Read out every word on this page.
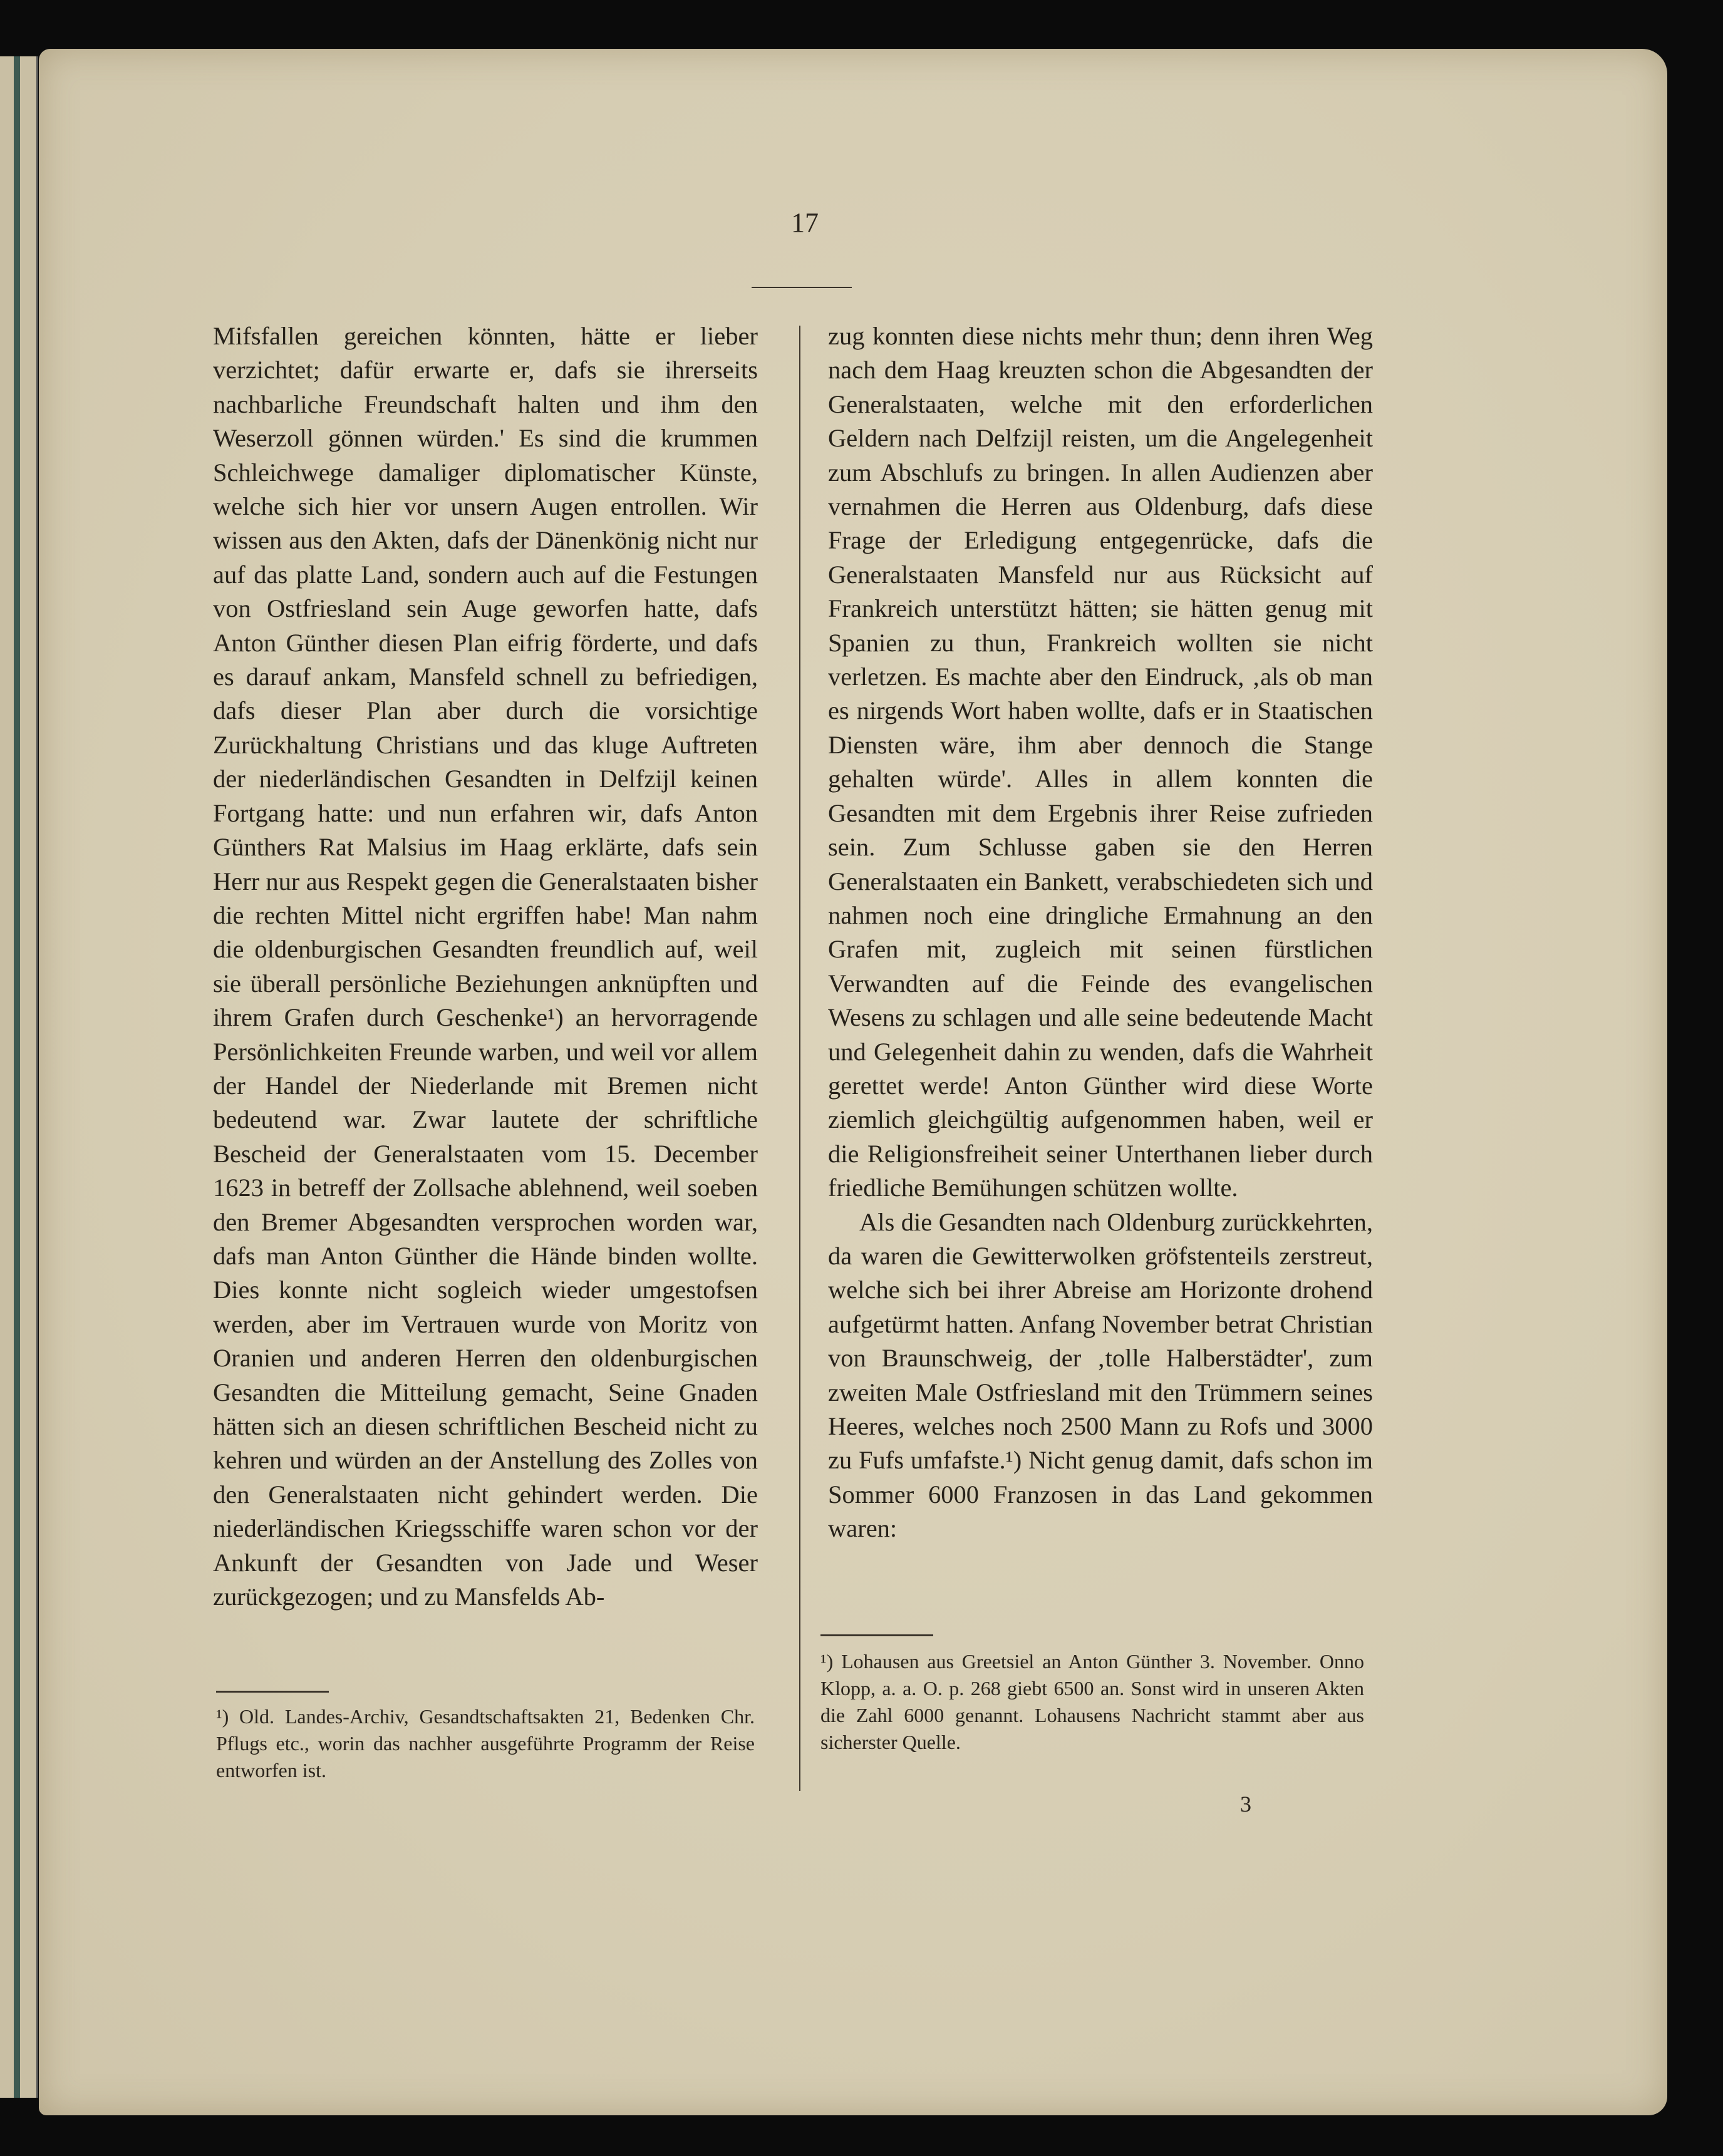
17

Mifsfallen gereichen könnten, hätte er lieber verzichtet; dafür erwarte er, dafs sie ihrerseits nachbarliche Freundschaft halten und ihm den Weserzoll gönnen würden.' Es sind die krummen Schleichwege damaliger diplomatischer Künste, welche sich hier vor unsern Augen entrollen. Wir wissen aus den Akten, dafs der Dänenkönig nicht nur auf das platte Land, sondern auch auf die Festungen von Ostfriesland sein Auge geworfen hatte, dafs Anton Günther diesen Plan eifrig förderte, und dafs es darauf ankam, Mansfeld schnell zu befriedigen, dafs dieser Plan aber durch die vorsichtige Zurückhaltung Christians und das kluge Auftreten der niederländischen Gesandten in Delfzijl keinen Fortgang hatte: und nun erfahren wir, dafs Anton Günthers Rat Malsius im Haag erklärte, dafs sein Herr nur aus Respekt gegen die Generalstaaten bisher die rechten Mittel nicht ergriffen habe! Man nahm die oldenburgischen Gesandten freundlich auf, weil sie überall persönliche Beziehungen anknüpften und ihrem Grafen durch Geschenke¹) an hervorragende Persönlichkeiten Freunde warben, und weil vor allem der Handel der Niederlande mit Bremen nicht bedeutend war. Zwar lautete der schriftliche Bescheid der Generalstaaten vom 15. December 1623 in betreff der Zollsache ablehnend, weil soeben den Bremer Abgesandten versprochen worden war, dafs man Anton Günther die Hände binden wollte. Dies konnte nicht sogleich wieder umgestofsen werden, aber im Vertrauen wurde von Moritz von Oranien und anderen Herren den oldenburgischen Gesandten die Mitteilung gemacht, Seine Gnaden hätten sich an diesen schriftlichen Bescheid nicht zu kehren und würden an der Anstellung des Zolles von den Generalstaaten nicht gehindert werden. Die niederländischen Kriegsschiffe waren schon vor der Ankunft der Gesandten von Jade und Weser zurückgezogen; und zu Mansfelds Ab-

zug konnten diese nichts mehr thun; denn ihren Weg nach dem Haag kreuzten schon die Abgesandten der Generalstaaten, welche mit den erforderlichen Geldern nach Delfzijl reisten, um die Angelegenheit zum Abschlufs zu bringen. In allen Audienzen aber vernahmen die Herren aus Oldenburg, dafs diese Frage der Erledigung entgegenrücke, dafs die Generalstaaten Mansfeld nur aus Rücksicht auf Frankreich unterstützt hätten; sie hätten genug mit Spanien zu thun, Frankreich wollten sie nicht verletzen. Es machte aber den Eindruck, ‚als ob man es nirgends Wort haben wollte, dafs er in Staatischen Diensten wäre, ihm aber dennoch die Stange gehalten würde'. Alles in allem konnten die Gesandten mit dem Ergebnis ihrer Reise zufrieden sein. Zum Schlusse gaben sie den Herren Generalstaaten ein Bankett, verabschiedeten sich und nahmen noch eine dringliche Ermahnung an den Grafen mit, zugleich mit seinen fürstlichen Verwandten auf die Feinde des evangelischen Wesens zu schlagen und alle seine bedeutende Macht und Gelegenheit dahin zu wenden, dafs die Wahrheit gerettet werde! Anton Günther wird diese Worte ziemlich gleichgültig aufgenommen haben, weil er die Religionsfreiheit seiner Unterthanen lieber durch friedliche Bemühungen schützen wollte.

Als die Gesandten nach Oldenburg zurückkehrten, da waren die Gewitterwolken gröfstenteils zerstreut, welche sich bei ihrer Abreise am Horizonte drohend aufgetürmt hatten. Anfang November betrat Christian von Braunschweig, der ‚tolle Halberstädter', zum zweiten Male Ostfriesland mit den Trümmern seines Heeres, welches noch 2500 Mann zu Rofs und 3000 zu Fufs umfafste.¹) Nicht genug damit, dafs schon im Sommer 6000 Franzosen in das Land gekommen waren:

¹) Old. Landes-Archiv, Gesandtschaftsakten 21, Bedenken Chr. Pflugs etc., worin das nachher ausgeführte Programm der Reise entworfen ist.
¹) Lohausen aus Greetsiel an Anton Günther 3. November. Onno Klopp, a. a. O. p. 268 giebt 6500 an. Sonst wird in unseren Akten die Zahl 6000 genannt. Lohausens Nachricht stammt aber aus sicherster Quelle.
3
